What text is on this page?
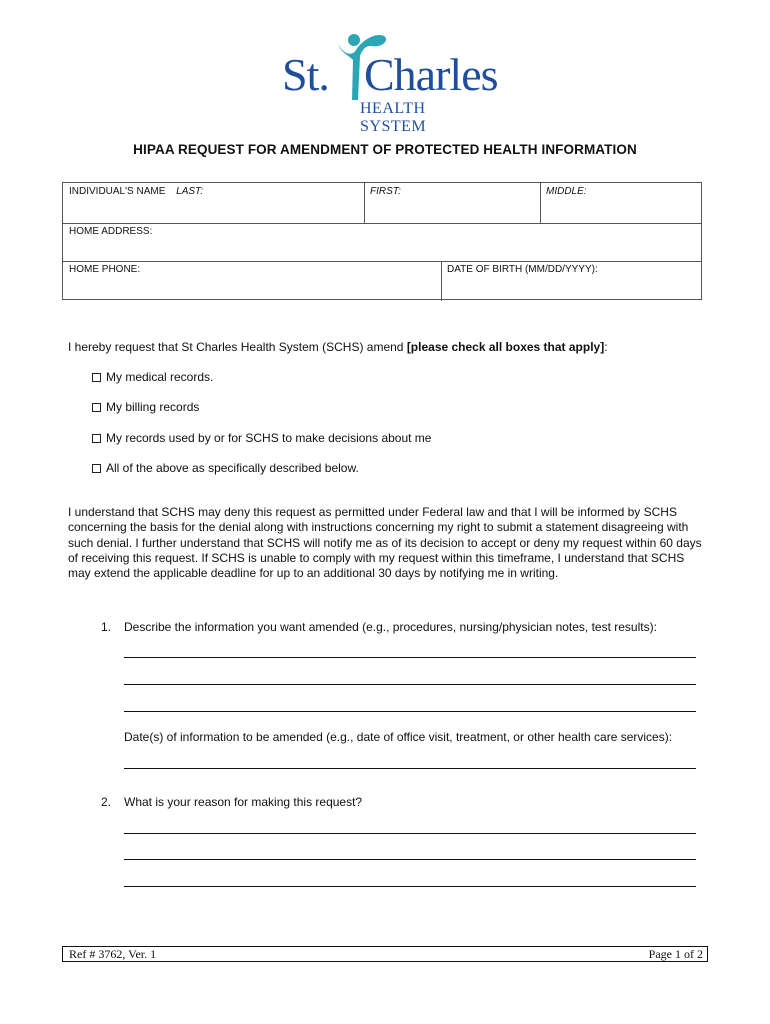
St. Charles
HEALTH SYSTEM
HIPAA REQUEST FOR AMENDMENT OF PROTECTED HEALTH INFORMATION
INDIVIDUAL'S NAME LAST:	FIRST:	MIDDLE:
HOME ADDRESS:
HOME PHONE:	DATE OF BIRTH (MM/DD/YYYY):
I hereby request that St Charles Health System (SCHS) amend [please check all boxes that apply]:
My medical records.
My billing records
My records used by or for SCHS to make decisions about me
All of the above as specifically described below.
I understand that SCHS may deny this request as permitted under Federal law and that I will be informed by SCHS concerning the basis for the denial along with instructions concerning my right to submit a statement disagreeing with such denial. I further understand that SCHS will notify me as of its decision to accept or deny my request within 60 days of receiving this request. If SCHS is unable to comply with my request within this timeframe, I understand that SCHS may extend the applicable deadline for up to an additional 30 days by notifying me in writing.
1. Describe the information you want amended (e.g., procedures, nursing/physician notes, test results):
Date(s) of information to be amended (e.g., date of office visit, treatment, or other health care services):
2. What is your reason for making this request?
Ref # 3762, Ver. 1	Page 1 of 2
